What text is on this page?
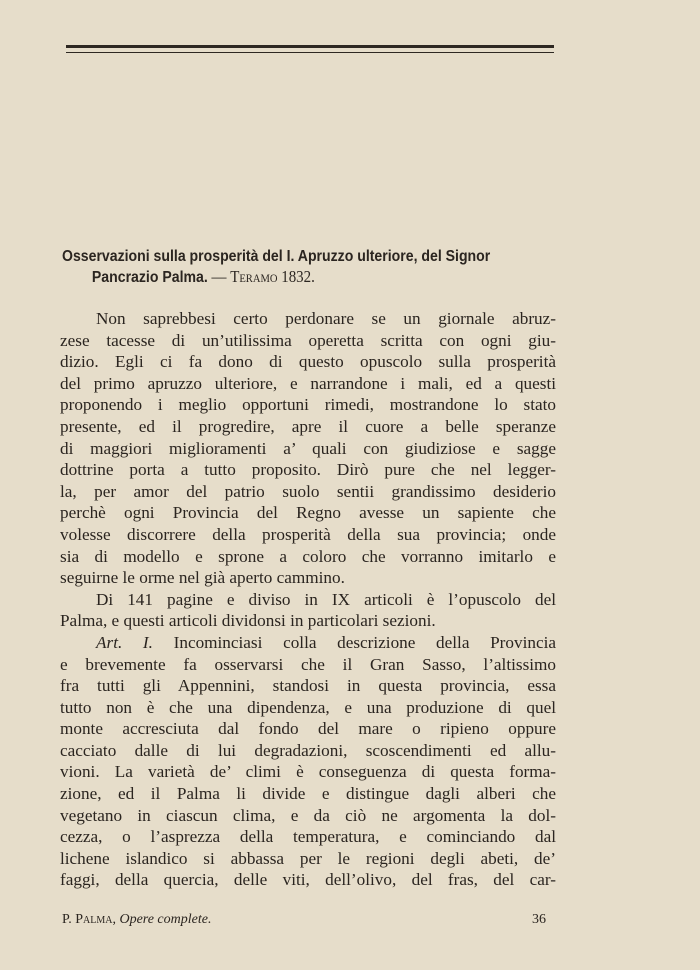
Osservazioni sulla prosperità del I. Apruzzo ulteriore, del Signor
Pancrazio Palma. — Teramo 1832.
Non saprebbesi certo perdonare se un giornale abruz-
zese tacesse di un’utilissima operetta scritta con ogni giu-
dizio. Egli ci fa dono di questo opuscolo sulla prosperità
del primo apruzzo ulteriore, e narrandone i mali, ed a questi
proponendo i meglio opportuni rimedi, mostrandone lo stato
presente, ed il progredire, apre il cuore a belle speranze
di maggiori miglioramenti a’ quali con giudiziose e sagge
dottrine porta a tutto proposito. Dirò pure che nel legger-
la, per amor del patrio suolo sentii grandissimo desiderio
perchè ogni Provincia del Regno avesse un sapiente che
volesse discorrere della prosperità della sua provincia; onde
sia di modello e sprone a coloro che vorranno imitarlo e
seguirne le orme nel già aperto cammino.
Di 141 pagine e diviso in IX articoli è l’opuscolo del
Palma, e questi articoli dividonsi in particolari sezioni.
Art. I. Incominciasi colla descrizione della Provincia
e brevemente fa osservarsi che il Gran Sasso, l’altissimo
fra tutti gli Appennini, standosi in questa provincia, essa
tutto non è che una dipendenza, e una produzione di quel
monte accresciuta dal fondo del mare o ripieno oppure
cacciato dalle di lui degradazioni, scoscendimenti ed allu-
vioni. La varietà de’ climi è conseguenza di questa forma-
zione, ed il Palma li divide e distingue dagli alberi che
vegetano in ciascun clima, e da ciò ne argomenta la dol-
cezza, o l’asprezza della temperatura, e cominciando dal
lichene islandico si abbassa per le regioni degli abeti, de’
faggi, della quercia, delle viti, dell’olivo, del fras, del car-
P. Palma, Opere complete.	36
